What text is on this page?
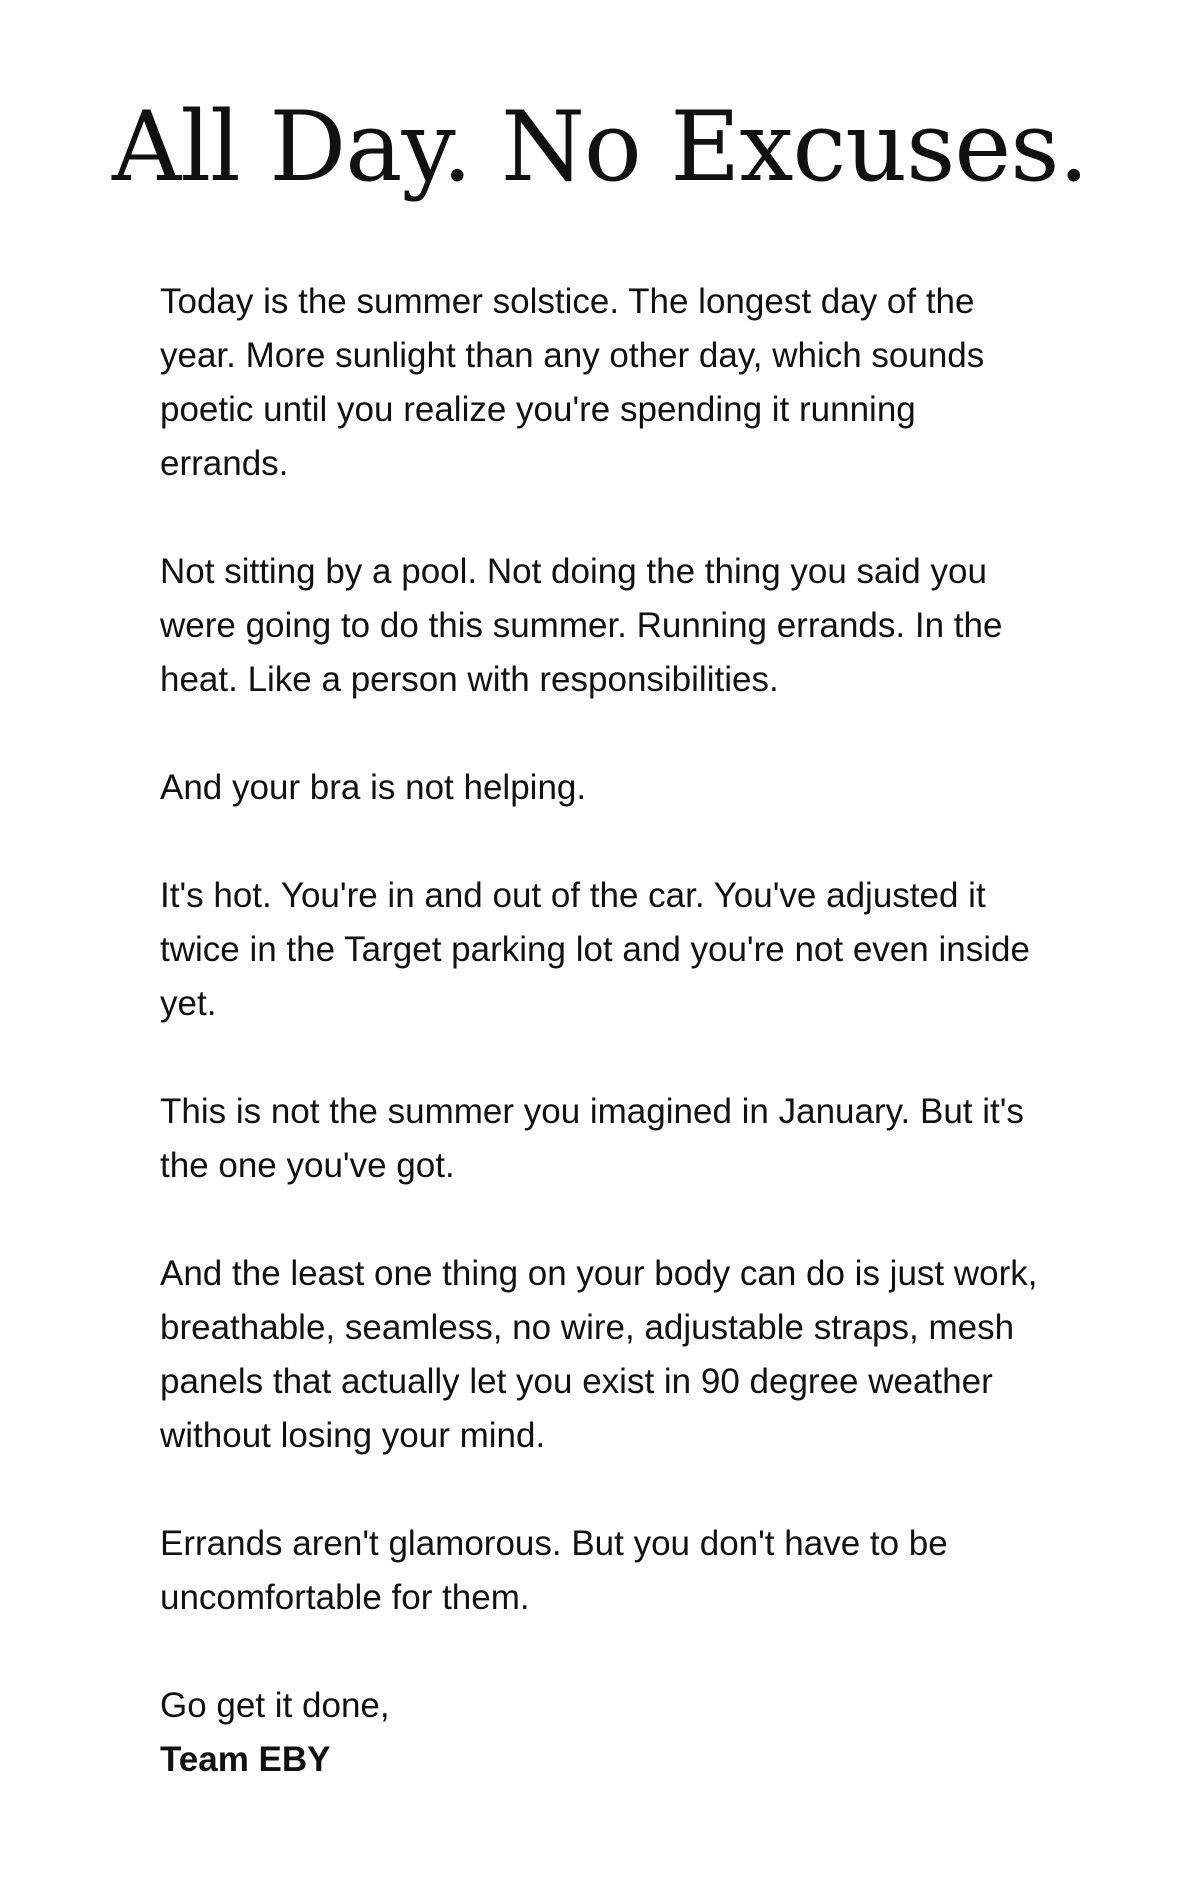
All Day. No Excuses.

Today is the summer solstice. The longest day of the year. More sunlight than any other day, which sounds poetic until you realize you're spending it running errands.

Not sitting by a pool. Not doing the thing you said you were going to do this summer. Running errands. In the heat. Like a person with responsibilities.

And your bra is not helping.

It's hot. You're in and out of the car. You've adjusted it twice in the Target parking lot and you're not even inside yet.

This is not the summer you imagined in January. But it's the one you've got.

And the least one thing on your body can do is just work, breathable, seamless, no wire, adjustable straps, mesh panels that actually let you exist in 90 degree weather without losing your mind.

Errands aren't glamorous. But you don't have to be uncomfortable for them.

Go get it done,
Team EBY
